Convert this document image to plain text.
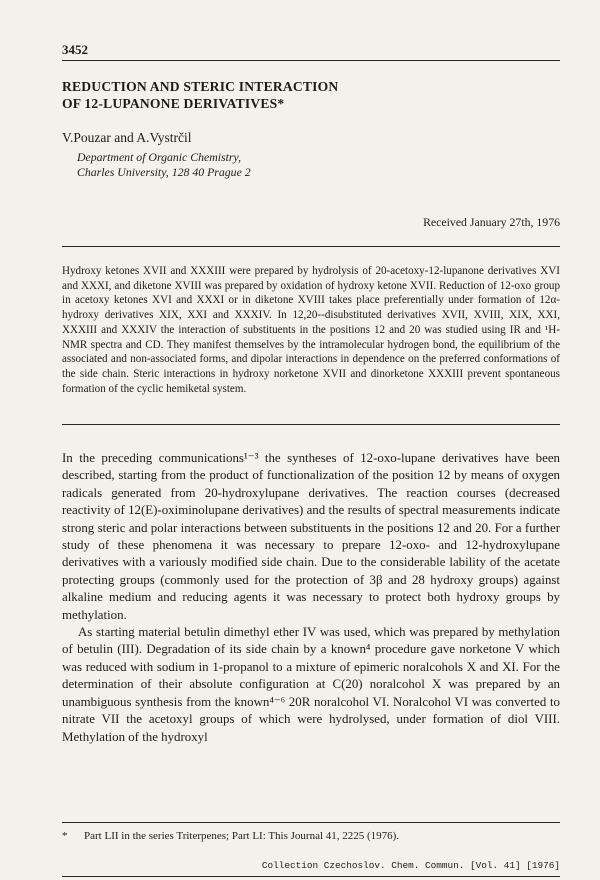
3452
REDUCTION AND STERIC INTERACTION
OF 12-LUPANONE DERIVATIVES*
V.Pouzar and A.Vystrčil
Department of Organic Chemistry,
Charles University, 128 40 Prague 2
Received January 27th, 1976
Hydroxy ketones XVII and XXXIII were prepared by hydrolysis of 20-acetoxy-12-lupanone derivatives XVI and XXXI, and diketone XVIII was prepared by oxidation of hydroxy ketone XVII. Reduction of 12-oxo group in acetoxy ketones XVI and XXXI or in diketone XVIII takes place preferentially under formation of 12α-hydroxy derivatives XIX, XXI and XXXIV. In 12,20--disubstituted derivatives XVII, XVIII, XIX, XXI, XXXIII and XXXIV the interaction of substituents in the positions 12 and 20 was studied using IR and ¹H-NMR spectra and CD. They manifest themselves by the intramolecular hydrogen bond, the equilibrium of the associated and non-associated forms, and dipolar interactions in dependence on the preferred conformations of the side chain. Steric interactions in hydroxy norketone XVII and dinorketone XXXIII prevent spontaneous formation of the cyclic hemiketal system.

In the preceding communications¹⁻³ the syntheses of 12-oxo-lupane derivatives have been described, starting from the product of functionalization of the position 12 by means of oxygen radicals generated from 20-hydroxylupane derivatives. The reaction courses (decreased reactivity of 12(E)-oximinolupane derivatives) and the results of spectral measurements indicate strong steric and polar interactions between substituents in the positions 12 and 20. For a further study of these phenomena it was necessary to prepare 12-oxo- and 12-hydroxylupane derivatives with a variously modified side chain. Due to the considerable lability of the acetate protecting groups (commonly used for the protection of 3β and 28 hydroxy groups) against alkaline medium and reducing agents it was necessary to protect both hydroxy groups by methylation.

As starting material betulin dimethyl ether IV was used, which was prepared by methylation of betulin (III). Degradation of its side chain by a known⁴ procedure gave norketone V which was reduced with sodium in 1-propanol to a mixture of epimeric noralcohols X and XI. For the determination of their absolute configuration at C(20) noralcohol X was prepared by an unambiguous synthesis from the known⁴⁻⁶ 20R noralcohol VI. Noralcohol VI was converted to nitrate VII the acetoxyl groups of which were hydrolysed, under formation of diol VIII. Methylation of the hydroxyl

* Part LII in the series Triterpenes; Part LI: This Journal 41, 2225 (1976).
Collection Czechoslov. Chem. Commun. [Vol. 41] [1976]
